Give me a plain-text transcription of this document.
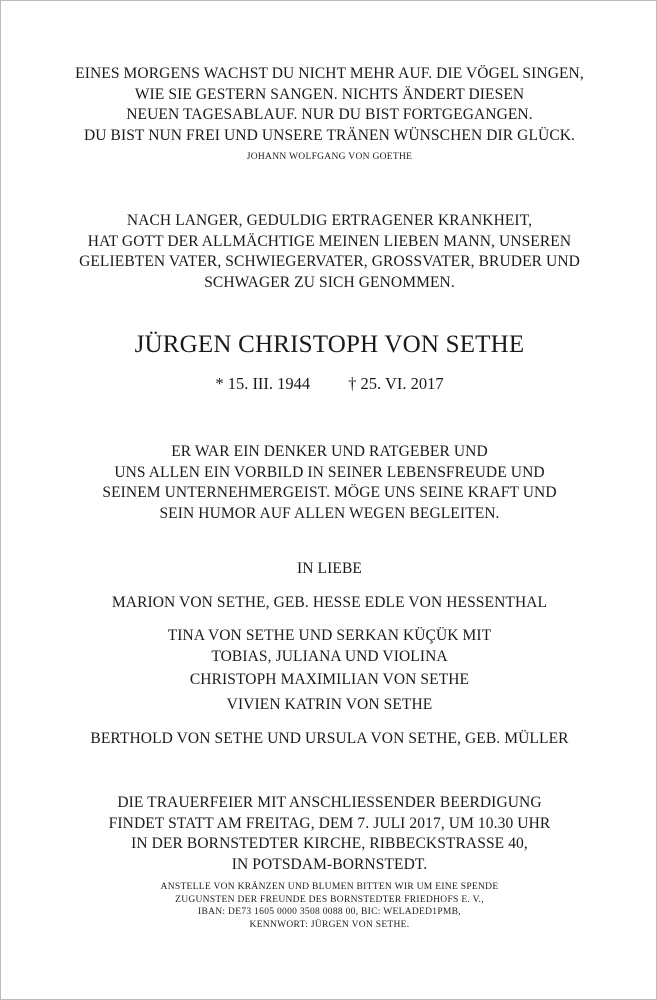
EINES MORGENS WACHST DU NICHT MEHR AUF. DIE VÖGEL SINGEN,
WIE SIE GESTERN SANGEN. NICHTS ÄNDERT DIESEN
NEUEN TAGESABLAUF. NUR DU BIST FORTGEGANGEN.
DU BIST NUN FREI UND UNSERE TRÄNEN WÜNSCHEN DIR GLÜCK.
JOHANN WOLFGANG VON GOETHE
NACH LANGER, GEDULDIG ERTRAGENER KRANKHEIT,
HAT GOTT DER ALLMÄCHTIGE MEINEN LIEBEN MANN, UNSEREN
GELIEBTEN VATER, SCHWIEGERVATER, GROSSVATER, BRUDER UND
SCHWAGER ZU SICH GENOMMEN.
JÜRGEN CHRISTOPH VON SETHE
* 15. III. 1944 † 25. VI. 2017
ER WAR EIN DENKER UND RATGEBER UND
UNS ALLEN EIN VORBILD IN SEINER LEBENSFREUDE UND
SEINEM UNTERNEHMERGEIST. MÖGE UNS SEINE KRAFT UND
SEIN HUMOR AUF ALLEN WEGEN BEGLEITEN.
IN LIEBE
MARION VON SETHE, GEB. HESSE EDLE VON HESSENTHAL
TINA VON SETHE UND SERKAN KÜÇÜK MIT
TOBIAS, JULIANA UND VIOLINA
CHRISTOPH MAXIMILIAN VON SETHE
VIVIEN KATRIN VON SETHE
BERTHOLD VON SETHE UND URSULA VON SETHE, GEB. MÜLLER
DIE TRAUERFEIER MIT ANSCHLIESSENDER BEERDIGUNG
FINDET STATT AM FREITAG, DEM 7. JULI 2017, UM 10.30 UHR
IN DER BORNSTEDTER KIRCHE, RIBBECKSTRASSE 40,
IN POTSDAM-BORNSTEDT.
ANSTELLE VON KRÄNZEN UND BLUMEN BITTEN WIR UM EINE SPENDE
ZUGUNSTEN DER FREUNDE DES BORNSTEDTER FRIEDHOFS E. V.,
IBAN: DE73 1605 0000 3508 0088 00, BIC: WELADED1PMB,
KENNWORT: JÜRGEN VON SETHE.
